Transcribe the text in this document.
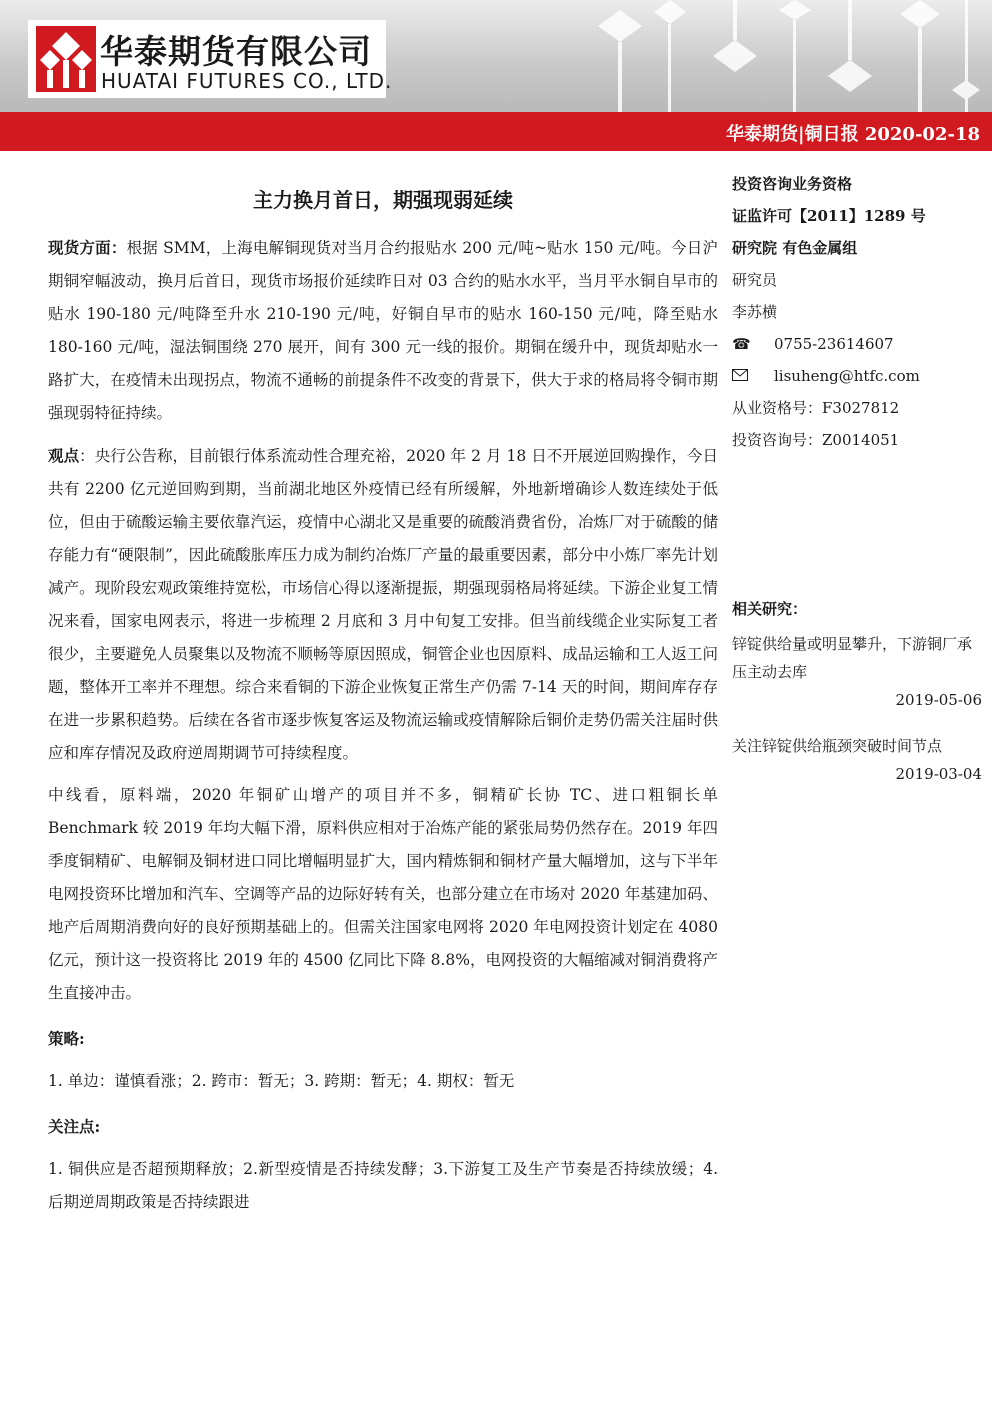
华泰期货有限公司
HUATAI FUTURES CO., LTD.
华泰期货|铜日报 2020-02-18
主力换月首日，期强现弱延续

现货方面：根据 SMM，上海电解铜现货对当月合约报贴水 200 元/吨~贴水 150 元/吨。今日沪期铜窄幅波动，换月后首日，现货市场报价延续昨日对 03 合约的贴水水平，当月平水铜自早市的贴水 190-180 元/吨降至升水 210-190 元/吨，好铜自早市的贴水 160-150 元/吨，降至贴水 180-160 元/吨，湿法铜围绕 270 展开，间有 300 元一线的报价。期铜在缓升中，现货却贴水一路扩大，在疫情未出现拐点，物流不通畅的前提条件不改变的背景下，供大于求的格局将令铜市期强现弱特征持续。

观点：央行公告称，目前银行体系流动性合理充裕，2020 年 2 月 18 日不开展逆回购操作，今日共有 2200 亿元逆回购到期，当前湖北地区外疫情已经有所缓解，外地新增确诊人数连续处于低位，但由于硫酸运输主要依靠汽运，疫情中心湖北又是重要的硫酸消费省份，冶炼厂对于硫酸的储存能力有“硬限制”，因此硫酸胀库压力成为制约冶炼厂产量的最重要因素，部分中小炼厂率先计划减产。现阶段宏观政策维持宽松，市场信心得以逐渐提振，期强现弱格局将延续。下游企业复工情况来看，国家电网表示，将进一步梳理 2 月底和 3 月中旬复工安排。但当前线缆企业实际复工者很少，主要避免人员聚集以及物流不顺畅等原因照成，铜管企业也因原料、成品运输和工人返工问题，整体开工率并不理想。综合来看铜的下游企业恢复正常生产仍需 7-14 天的时间，期间库存存在进一步累积趋势。后续在各省市逐步恢复客运及物流运输或疫情解除后铜价走势仍需关注届时供应和库存情况及政府逆周期调节可持续程度。

中线看，原料端，2020 年铜矿山增产的项目并不多，铜精矿长协 TC、进口粗铜长单 Benchmark 较 2019 年均大幅下滑，原料供应相对于冶炼产能的紧张局势仍然存在。2019 年四季度铜精矿、电解铜及铜材进口同比增幅明显扩大，国内精炼铜和铜材产量大幅增加，这与下半年电网投资环比增加和汽车、空调等产品的边际好转有关，也部分建立在市场对 2020 年基建加码、地产后周期消费向好的良好预期基础上的。但需关注国家电网将 2020 年电网投资计划定在 4080 亿元，预计这一投资将比 2019 年的 4500 亿同比下降 8.8%，电网投资的大幅缩减对铜消费将产生直接冲击。

策略:

1. 单边：谨慎看涨；2. 跨市：暂无；3. 跨期：暂无；4. 期权：暂无

关注点:

1. 铜供应是否超预期释放；2.新型疫情是否持续发酵；3.下游复工及生产节奏是否持续放缓；4. 后期逆周期政策是否持续跟进

投资咨询业务资格
证监许可【2011】1289 号
研究院 有色金属组
研究员
李苏横
☎	0755-23614607
lisuheng@htfc.com
从业资格号：F3027812
投资咨询号：Z0014051
相关研究：
锌锭供给量或明显攀升，下游铜厂承压主动去库
2019-05-06
关注锌锭供给瓶颈突破时间节点
2019-03-04
